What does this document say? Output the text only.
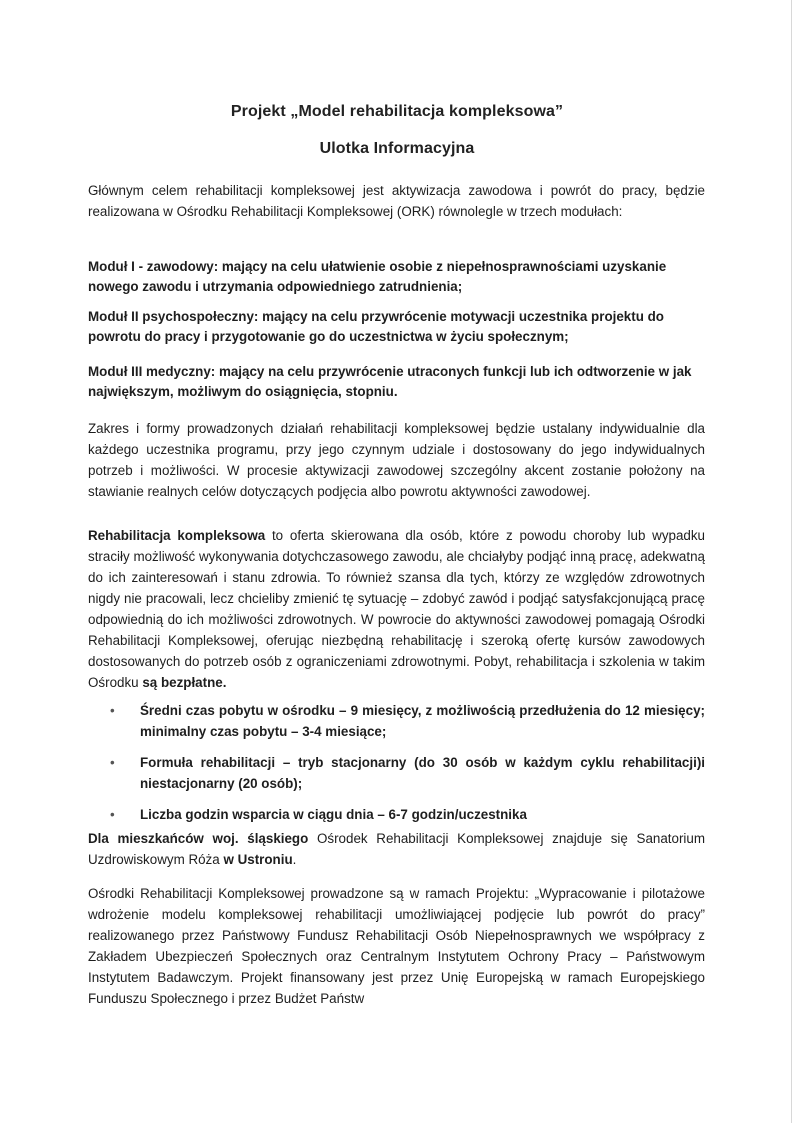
Projekt „Model rehabilitacja kompleksowa”
Ulotka Informacyjna

Głównym celem rehabilitacji kompleksowej jest aktywizacja zawodowa i powrót do pracy, będzie realizowana w Ośrodku Rehabilitacji Kompleksowej (ORK) równolegle w trzech modułach:

Moduł I - zawodowy: mający na celu ułatwienie osobie z niepełnosprawnościami uzyskanie nowego zawodu i utrzymania odpowiedniego zatrudnienia;

Moduł II psychospołeczny: mający na celu przywrócenie motywacji uczestnika projektu do powrotu do pracy i przygotowanie go do uczestnictwa w życiu społecznym;

Moduł III medyczny: mający na celu przywrócenie utraconych funkcji lub ich odtworzenie w jak największym, możliwym do osiągnięcia, stopniu.

Zakres i formy prowadzonych działań rehabilitacji kompleksowej będzie ustalany indywidualnie dla każdego uczestnika programu, przy jego czynnym udziale i dostosowany do jego indywidualnych potrzeb i możliwości. W procesie aktywizacji zawodowej szczególny akcent zostanie położony na stawianie realnych celów dotyczących podjęcia albo powrotu aktywności zawodowej.

Rehabilitacja kompleksowa to oferta skierowana dla osób, które z powodu choroby lub wypadku straciły możliwość wykonywania dotychczasowego zawodu, ale chciałyby podjąć inną pracę, adekwatną do ich zainteresowań i stanu zdrowia. To również szansa dla tych, którzy ze względów zdrowotnych nigdy nie pracowali, lecz chcieliby zmienić tę sytuację – zdobyć zawód i podjąć satysfakcjonującą pracę odpowiednią do ich możliwości zdrowotnych. W powrocie do aktywności zawodowej pomagają Ośrodki Rehabilitacji Kompleksowej, oferując niezbędną rehabilitację i szeroką ofertę kursów zawodowych dostosowanych do potrzeb osób z ograniczeniami zdrowotnymi. Pobyt, rehabilitacja i szkolenia w takim Ośrodku są bezpłatne.

• Średni czas pobytu w ośrodku – 9 miesięcy, z możliwością przedłużenia do 12 miesięcy; minimalny czas pobytu – 3-4 miesiące;
• Formuła rehabilitacji – tryb stacjonarny (do 30 osób w każdym cyklu rehabilitacji)i niestacjonarny (20 osób);
• Liczba godzin wsparcia w ciągu dnia – 6-7 godzin/uczestnika

Dla mieszkańców woj. śląskiego Ośrodek Rehabilitacji Kompleksowej znajduje się Sanatorium Uzdrowiskowym Róża w Ustroniu.

Ośrodki Rehabilitacji Kompleksowej prowadzone są w ramach Projektu: „Wypracowanie i pilotażowe wdrożenie modelu kompleksowej rehabilitacji umożliwiającej podjęcie lub powrót do pracy” realizowanego przez Państwowy Fundusz Rehabilitacji Osób Niepełnosprawnych we współpracy z Zakładem Ubezpieczeń Społecznych oraz Centralnym Instytutem Ochrony Pracy – Państwowym Instytutem Badawczym. Projekt finansowany jest przez Unię Europejską w ramach Europejskiego Funduszu Społecznego i przez Budżet Państw
